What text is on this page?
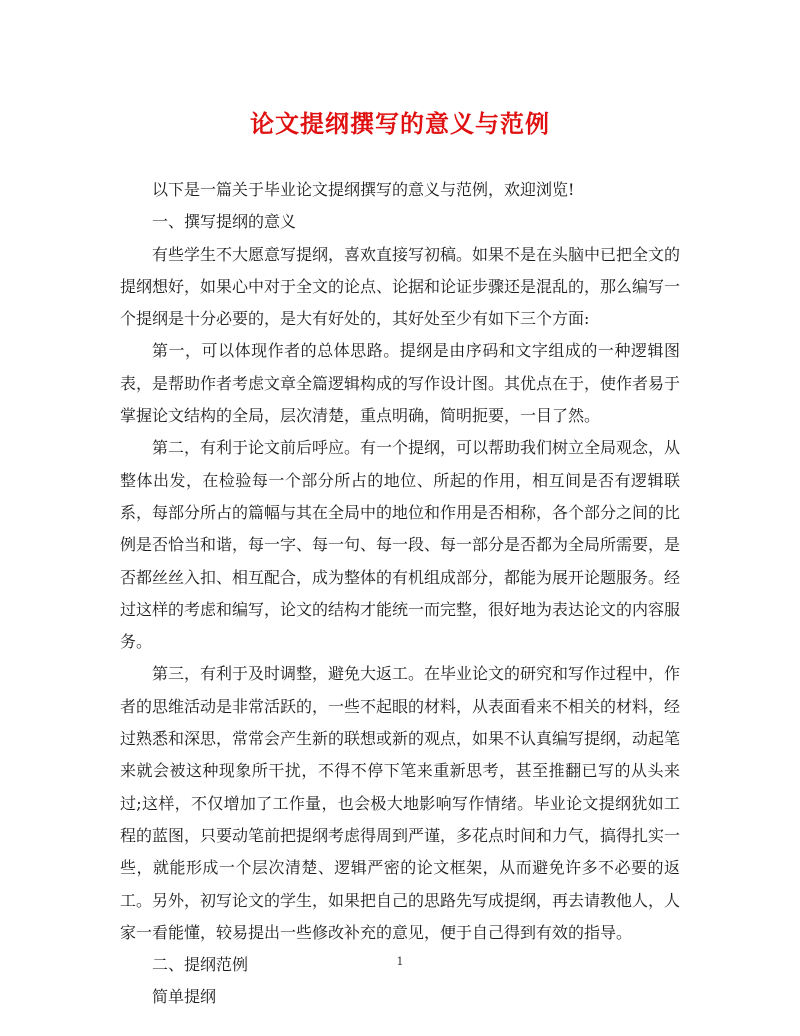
论文提纲撰写的意义与范例

以下是一篇关于毕业论文提纲撰写的意义与范例，欢迎浏览!

一、撰写提纲的意义

有些学生不大愿意写提纲，喜欢直接写初稿。如果不是在头脑中已把全文的提纲想好，如果心中对于全文的论点、论据和论证步骤还是混乱的，那么编写一个提纲是十分必要的，是大有好处的，其好处至少有如下三个方面:

第一，可以体现作者的总体思路。提纲是由序码和文字组成的一种逻辑图表，是帮助作者考虑文章全篇逻辑构成的写作设计图。其优点在于，使作者易于掌握论文结构的全局，层次清楚，重点明确，简明扼要，一目了然。

第二，有利于论文前后呼应。有一个提纲，可以帮助我们树立全局观念，从整体出发，在检验每一个部分所占的地位、所起的作用，相互间是否有逻辑联系，每部分所占的篇幅与其在全局中的地位和作用是否相称，各个部分之间的比例是否恰当和谐，每一字、每一句、每一段、每一部分是否都为全局所需要，是否都丝丝入扣、相互配合，成为整体的有机组成部分，都能为展开论题服务。经过这样的考虑和编写，论文的结构才能统一而完整，很好地为表达论文的内容服务。

第三，有利于及时调整，避免大返工。在毕业论文的研究和写作过程中，作者的思维活动是非常活跃的，一些不起眼的材料，从表面看来不相关的材料，经过熟悉和深思，常常会产生新的联想或新的观点，如果不认真编写提纲，动起笔来就会被这种现象所干扰，不得不停下笔来重新思考，甚至推翻已写的从头来过;这样，不仅增加了工作量，也会极大地影响写作情绪。毕业论文提纲犹如工程的蓝图，只要动笔前把提纲考虑得周到严谨，多花点时间和力气，搞得扎实一些，就能形成一个层次清楚、逻辑严密的论文框架，从而避免许多不必要的返工。另外，初写论文的学生，如果把自己的思路先写成提纲，再去请教他人，人家一看能懂，较易提出一些修改补充的意见，便于自己得到有效的指导。

二、提纲范例

简单提纲

1
